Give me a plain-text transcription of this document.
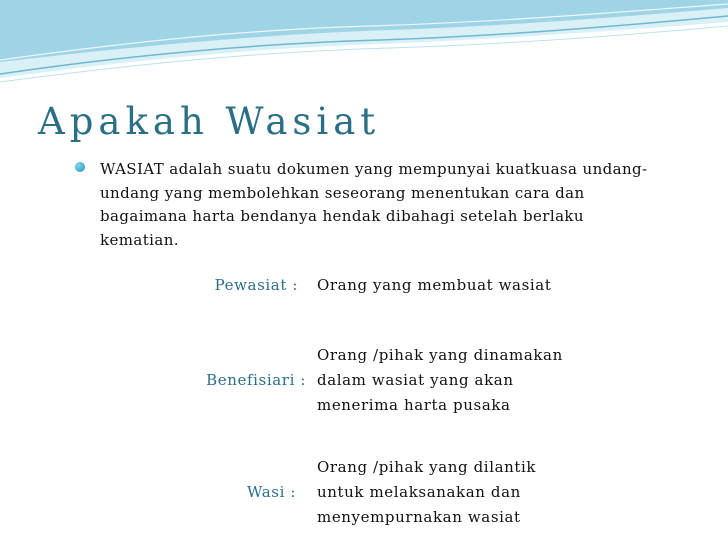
Apakah Wasiat
WASIAT adalah suatu dokumen yang mempunyai kuatkuasa undang-undang yang membolehkan seseorang menentukan cara dan bagaimana harta bendanya hendak dibahagi setelah berlaku kematian.
Pewasiat : Orang yang membuat wasiat
Benefisiari :
Orang /pihak yang dinamakan
dalam wasiat yang akan
menerima harta pusaka
Wasi :
Orang /pihak yang dilantik
untuk melaksanakan dan
menyempurnakan wasiat
